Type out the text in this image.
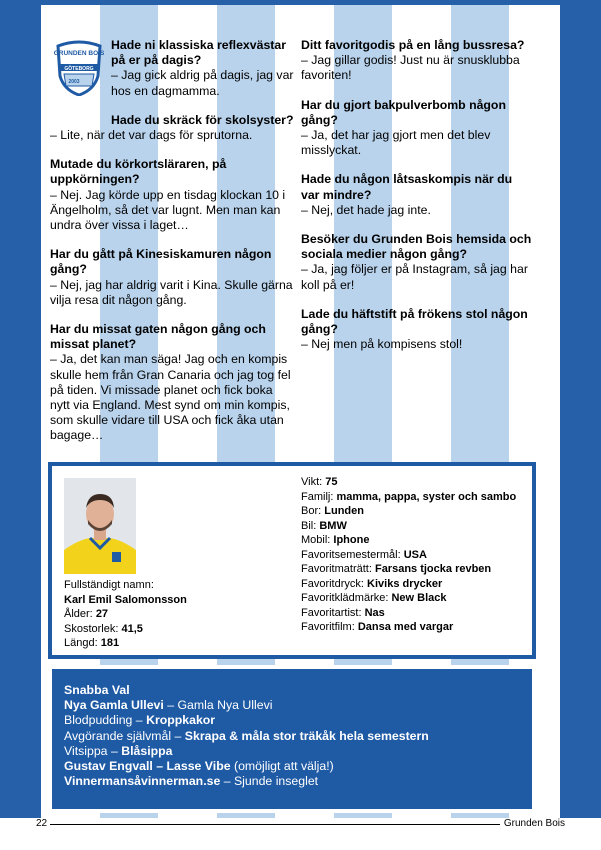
GRUNDEN BOIS
GÖTEBORG
2003
Hade ni klassiska reflexvästar på er på dagis?
– Jag gick aldrig på dagis, jag var hos en dagmamma.
Hade du skräck för skolsyster?
– Lite, när det var dags för sprutorna.
Mutade du körkortsläraren, på uppkörningen?
– Nej. Jag körde upp en tisdag klockan 10 i Ängelholm, så det var lugnt. Men man kan undra över vissa i laget…
Har du gått på Kinesiskamuren någon gång?
– Nej, jag har aldrig varit i Kina. Skulle gärna vilja resa dit någon gång.
Har du missat gaten någon gång och missat planet?
– Ja, det kan man säga! Jag och en kompis skulle hem från Gran Canaria och jag tog fel på tiden. Vi missade planet och fick boka nytt via England. Mest synd om min kompis, som skulle vidare till USA och fick åka utan bagage…
Ditt favoritgodis på en lång bussresa?
– Jag gillar godis! Just nu är snusklubba favoriten!
Har du gjort bakpulverbomb någon gång?
– Ja, det har jag gjort men det blev misslyckat.
Hade du någon låtsaskompis när du var mindre?
– Nej, det hade jag inte.
Besöker du Grunden Bois hemsida och sociala medier någon gång?
– Ja, jag följer er på Instagram, så jag har koll på er!
Lade du häftstift på frökens stol någon gång?
– Nej men på kompisens stol!
Fullständigt namn:
Karl Emil Salomonsson
Ålder: 27
Skostorlek: 41,5
Längd: 181
Vikt: 75
Familj: mamma, pappa, syster och sambo
Bor: Lunden
Bil: BMW
Mobil: Iphone
Favoritsemestermål: USA
Favoritmaträtt: Farsans tjocka revben
Favoritdryck: Kiviks drycker
Favoritklädmärke: New Black
Favoritartist: Nas
Favoritfilm: Dansa med vargar
Snabba Val
Nya Gamla Ullevi – Gamla Nya Ullevi
Blodpudding – Kroppkakor
Avgörande självmål – Skrapa & måla stor träkåk hela semestern
Vitsippa – Blåsippa
Gustav Engvall – Lasse Vibe (omöjligt att välja!)
Vinnermansåvinnerman.se – Sjunde inseglet
22	Grunden Bois
